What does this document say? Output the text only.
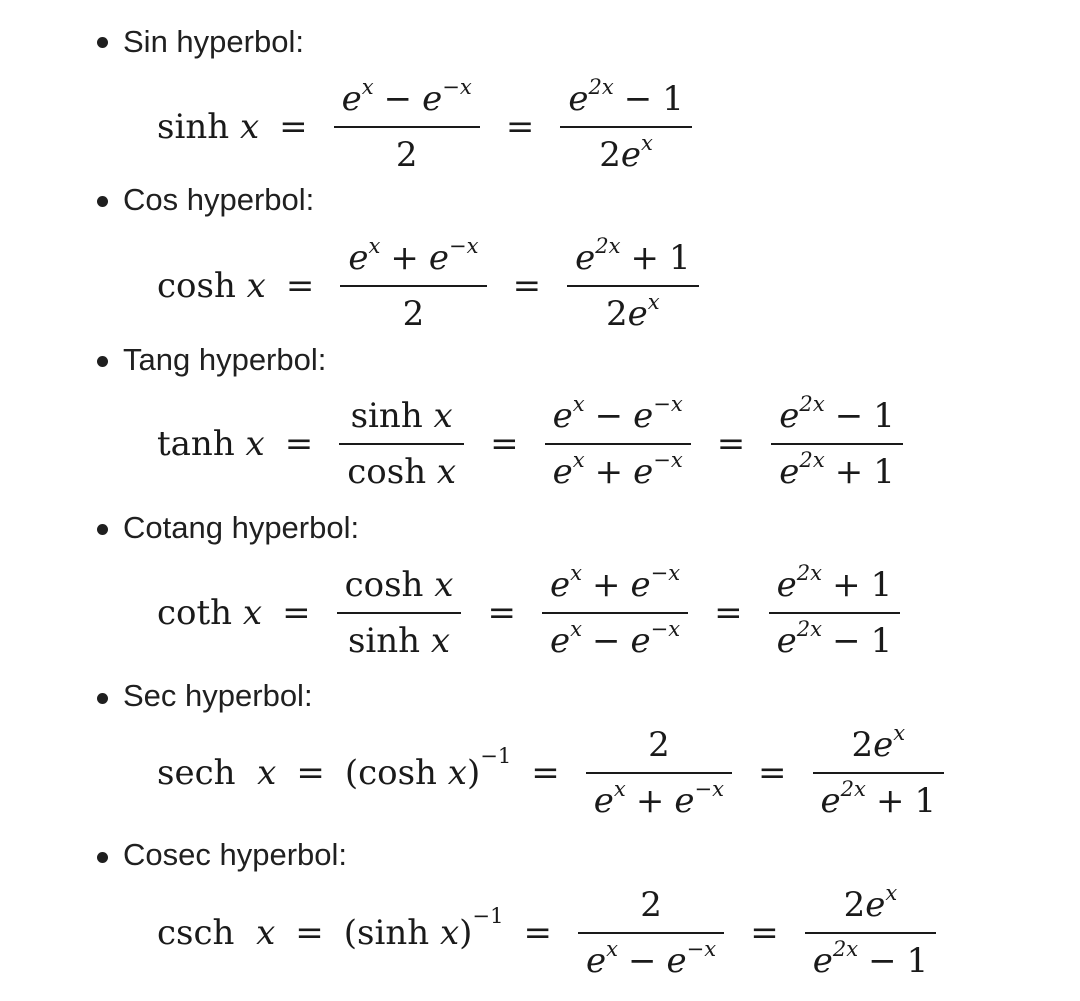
Sin hyperbol:
sinh
$x = \frac{e^x - e^{-x}}{2} = \frac{e^{2x} - 1}{2e^x}$
Cos hyperbol:
cosh
$x = \frac{e^x + e^{-x}}{2} = \frac{e^{2x} + 1}{2e^x}$
Tang hyperbol:
tanh
$x = \frac{\text{sinh x}}{\text{cosh x}} = \frac{e^x - e^{-x}}{e^x + e^{-x}} = \frac{e^{2x} - 1}{e^{2x} + 1}$
Cotang hyperbol:
coth
$x = \frac{\text{cosh x}}{\text{sinh x}} = \frac{e^x + e^{-x}}{e^x - e^{-x}} = \frac{e^{2x} + 1}{e^{2x} - 1}$
Sec hyperbol:
sech
x = (cosh $x)^{-1} = \frac{2}{e^x + e^{-x}} = \frac{2e^x}{e^{2x} + 1}$
Cosec hyperbol:
csch
x = (sinh $x)^{-1} = \frac{2}{e^x - e^{-x}} = \frac{2e^x}{e^{2x} - 1}$
